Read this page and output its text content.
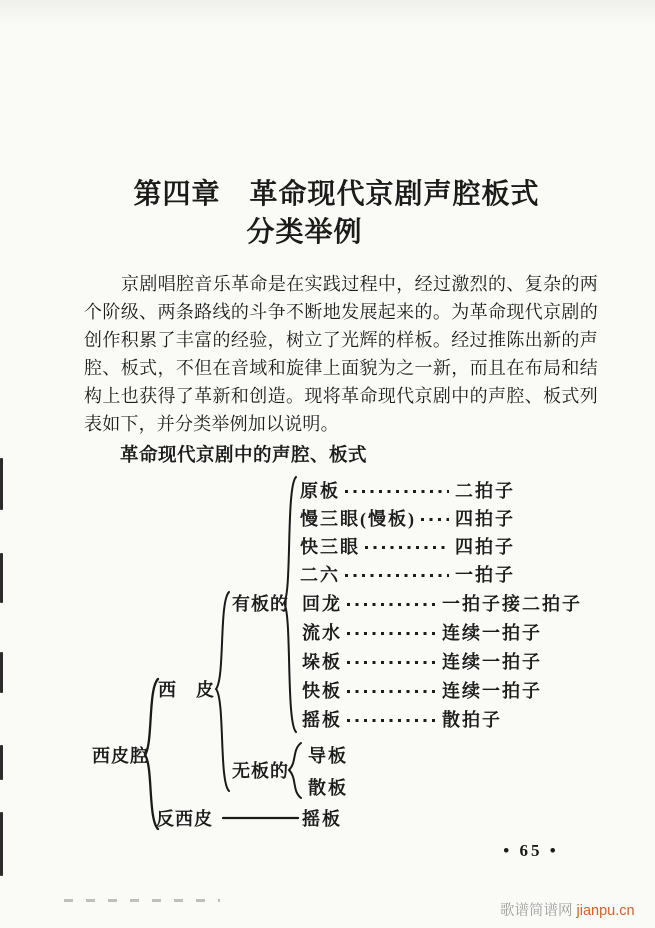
第四章　革命现代京剧声腔板式
分类举例
京剧唱腔音乐革命是在实践过程中，经过激烈的、复杂的两
个阶级、两条路线的斗争不断地发展起来的。为革命现代京剧的
创作积累了丰富的经验，树立了光辉的样板。经过推陈出新的声
腔、板式，不但在音域和旋律上面貌为之一新，而且在布局和结
构上也获得了革新和创造。现将革命现代京剧中的声腔、板式列
表如下，并分类举例加以说明。
革命现代京剧中的声腔、板式
西皮腔
西　皮
反西皮
有板的
无板的
原板	二拍子
慢三眼(慢板) 四拍子
快三眼	四拍子
二六	一拍子
回龙	一拍子接二拍子
流水	连续一拍子
垛板	连续一拍子
快板	连续一拍子
摇板	散拍子
导板
散板
摇板
• 65 •
歌谱简谱网 jianpu.cn
